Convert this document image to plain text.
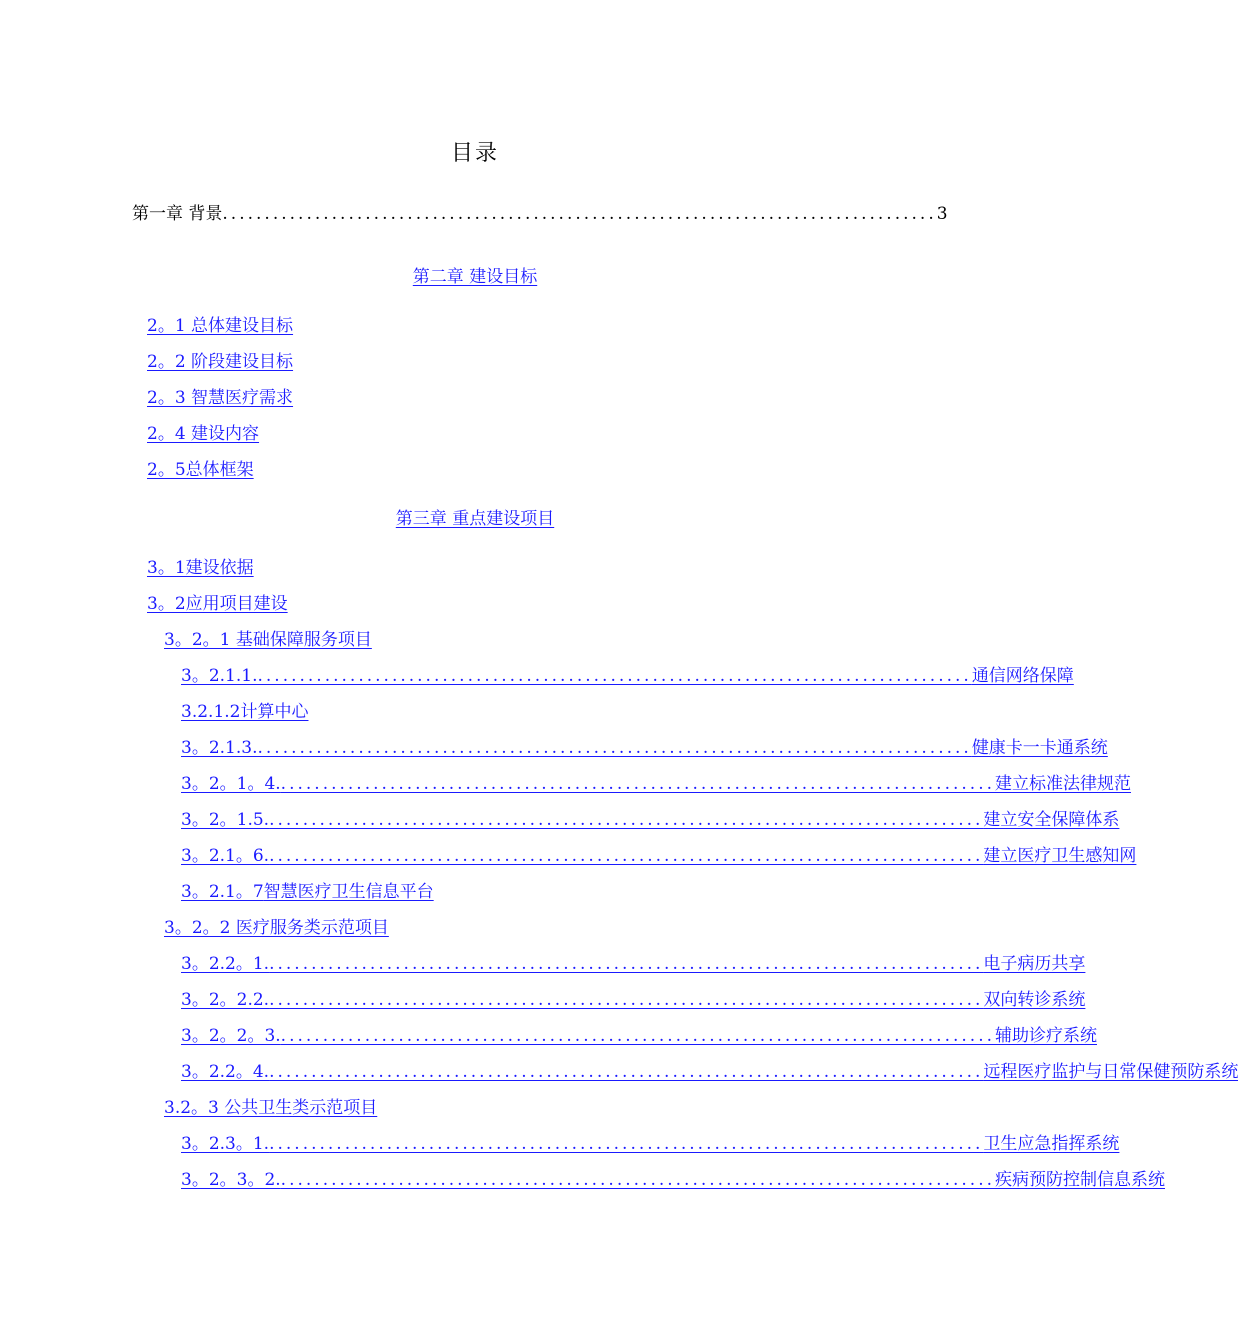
目录
第一章 背景 ..................................................................................... 3
第二章 建设目标
2。1 总体建设目标
2。2 阶段建设目标
2。3 智慧医疗需求
2。4 建设内容
2。5总体框架
第三章 重点建设项目
3。1建设依据
3。2应用项目建设
3。2。1 基础保障服务项目
3。2.1.1. ..................................................................................... 通信网络保障
3.2.1.2计算中心
3。2.1.3. ..................................................................................... 健康卡一卡通系统
3。2。1。4. ..................................................................................... 建立标准法律规范
3。2。1.5. ..................................................................................... 建立安全保障体系
3。2.1。6. ..................................................................................... 建立医疗卫生感知网
3。2.1。7智慧医疗卫生信息平台
3。2。2 医疗服务类示范项目
3。2.2。1. ..................................................................................... 电子病历共享
3。2。2.2. ..................................................................................... 双向转诊系统
3。2。2。3. ..................................................................................... 辅助诊疗系统
3。2.2。4. ..................................................................................... 远程医疗监护与日常保健预防系统
3.2。3 公共卫生类示范项目
3。2.3。1. ..................................................................................... 卫生应急指挥系统
3。2。3。2. ..................................................................................... 疾病预防控制信息系统
